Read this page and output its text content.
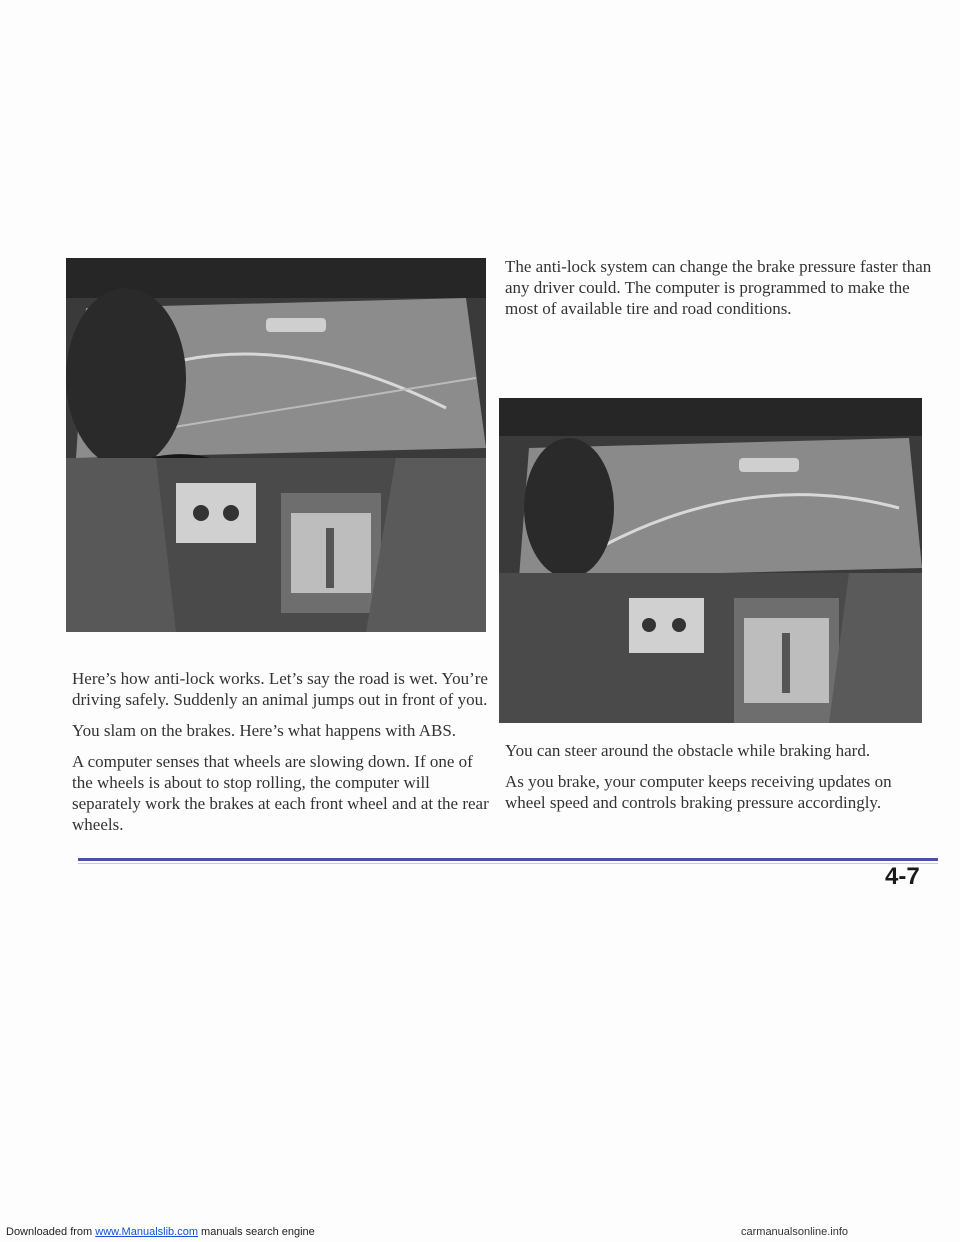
The anti-lock system can change the brake pressure faster than any driver could. The computer is programmed to make the most of available tire and road conditions.

Here’s how anti-lock works. Let’s say the road is wet. You’re driving safely. Suddenly an animal jumps out in front of you.

You slam on the brakes. Here’s what happens with ABS.

A computer senses that wheels are slowing down. If one of the wheels is about to stop rolling, the computer will separately work the brakes at each front wheel and at the rear wheels.

You can steer around the obstacle while braking hard.

As you brake, your computer keeps receiving updates on wheel speed and controls braking pressure accordingly.

4-7
Downloaded from www.Manualslib.com manuals search engine	carmanualsonline.info
